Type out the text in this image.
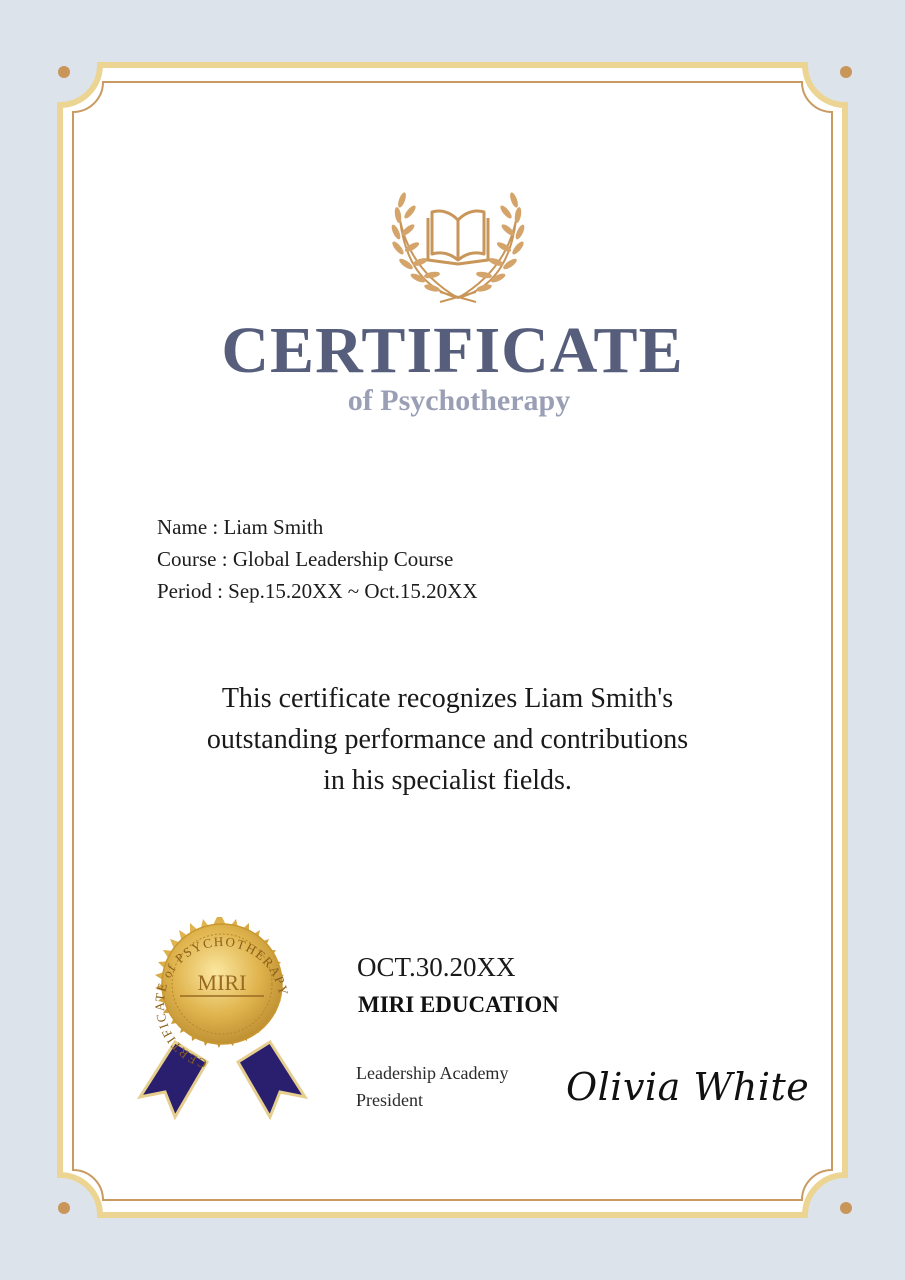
CERTIFICATE
of Psychotherapy
Name : Liam Smith
Course : Global Leadership Course
Period : Sep.15.20XX ~ Oct.15.20XX
This certificate recognizes Liam Smith's
outstanding performance and contributions
in his specialist fields.
CERTIFICATE of PSYCHOTHERAPY
MIRI
OCT.30.20XX
MIRI EDUCATION
Leadership Academy
President	Olivia White
